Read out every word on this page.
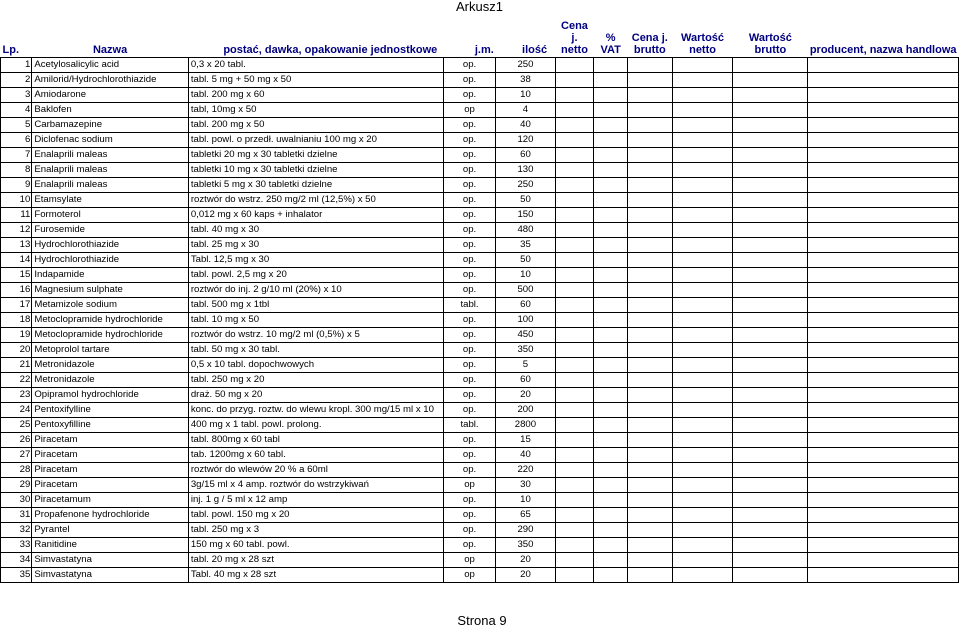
Arkusz1
Lp.	Nazwa	postać, dawka, opakowanie jednostkowe	j.m.	ilość	Cena j. netto	% VAT	Cena j. brutto	Wartość netto	Wartość brutto	producent, nazwa handlowa
1	Acetylosalicylic acid	0,3 x 20 tabl.	op.	250						
2	Amilorid/Hydrochlorothiazide	tabl. 5 mg + 50 mg x 50	op.	38						
3	Amiodarone	tabl. 200 mg x 60	op.	10						
4	Baklofen	tabl, 10mg x 50	op	4						
5	Carbamazepine	tabl. 200 mg x 50	op.	40						
6	Diclofenac sodium	tabl. powl. o przedł. uwalnianiu 100 mg x 20	op.	120						
7	Enalaprili maleas	tabletki 20 mg x 30 tabletki dzielne	op.	60						
8	Enalaprili maleas	tabletki 10 mg x 30 tabletki dzielne	op.	130						
9	Enalaprili maleas	tabletki 5 mg x 30 tabletki dzielne	op.	250						
10	Etamsylate	roztwór do wstrz. 250 mg/2 ml (12,5%) x 50	op.	50						
11	Formoterol	0,012 mg x 60 kaps + inhalator	op.	150						
12	Furosemide	tabl. 40 mg x 30	op.	480						
13	Hydrochlorothiazide	tabl. 25 mg x 30	op.	35						
14	Hydrochlorothiazide	Tabl. 12,5 mg x 30	op.	50						
15	Indapamide	tabl. powl. 2,5 mg x 20	op.	10						
16	Magnesium sulphate	roztwór do inj. 2 g/10 ml (20%) x 10	op.	500						
17	Metamizole sodium	tabl. 500 mg x 1tbl	tabl.	60						
18	Metoclopramide hydrochloride	tabl. 10 mg x 50	op.	100						
19	Metoclopramide hydrochloride	roztwór do wstrz. 10 mg/2 ml (0,5%) x 5	op.	450						
20	Metoprolol tartare	tabl. 50 mg x 30 tabl.	op.	350						
21	Metronidazole	0,5 x 10 tabl. dopochwowych	op.	5						
22	Metronidazole	tabl. 250 mg x 20	op.	60						
23	Opipramol hydrochloride	draż. 50 mg x 20	op.	20						
24	Pentoxifylline	konc. do przyg. roztw. do wlewu kropl. 300 mg/15 ml x 10	op.	200						
25	Pentoxyfilline	400 mg x 1 tabl. powl. prolong.	tabl.	2800						
26	Piracetam	tabl. 800mg x 60 tabl	op.	15						
27	Piracetam	tab. 1200mg x 60 tabl.	op.	40						
28	Piracetam	roztwór do wlewów 20 % a 60ml	op.	220						
29	Piracetam	3g/15 ml x 4 amp. roztwór do wstrzykiwań	op	30						
30	Piracetamum	inj. 1 g / 5 ml x 12 amp	op.	10						
31	Propafenone hydrochloride	tabl. powl. 150 mg x 20	op.	65						
32	Pyrantel	tabl. 250 mg x 3	op.	290						
33	Ranitidine	150 mg x 60 tabl. powl.	op.	350						
34	Simvastatyna	tabl. 20 mg x 28 szt	op	20						
35	Simvastatyna	Tabl. 40 mg x 28 szt	op	20						
Strona 9
